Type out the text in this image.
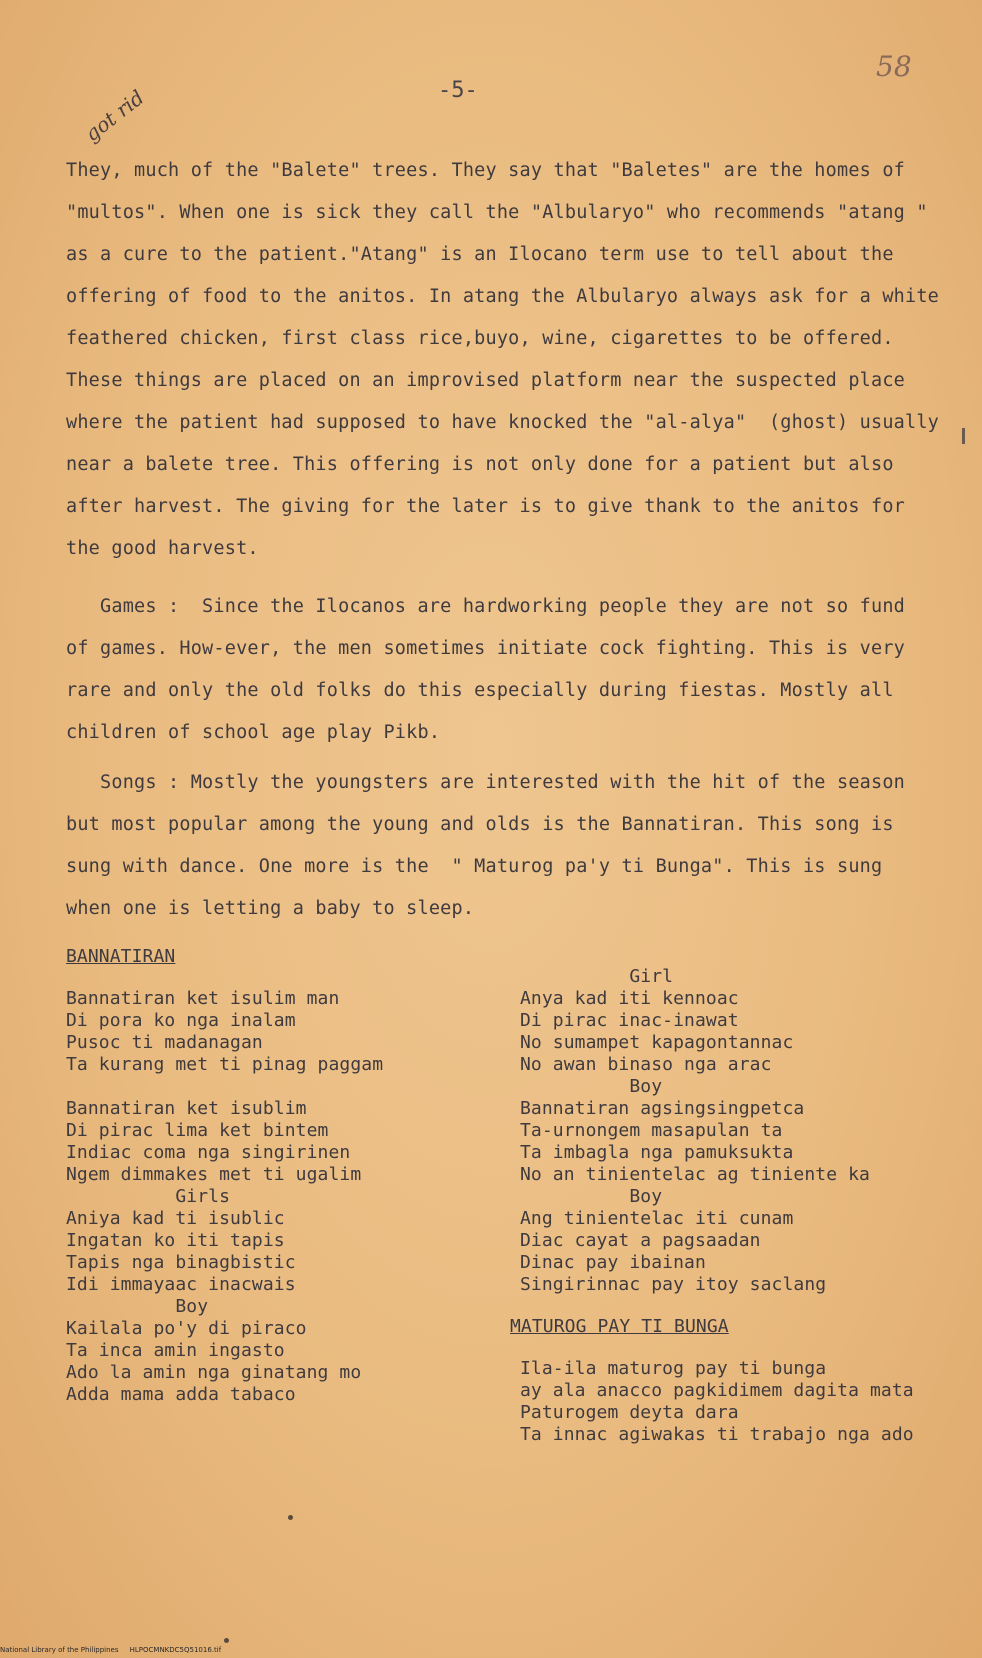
58
-5-
got rid
They, much of the "Balete" trees. They say that "Baletes" are the homes of
"multos". When one is sick they call the "Albularyo" who recommends "atang "
as a cure to the patient."Atang" is an Ilocano term use to tell about the
offering of food to the anitos. In atang the Albularyo always ask for a white
feathered chicken, first class rice,buyo, wine, cigarettes to be offered.
These things are placed on an improvised platform near the suspected place
where the patient had supposed to have knocked the "al-alya"  (ghost) usually
near a balete tree. This offering is not only done for a patient but also
after harvest. The giving for the later is to give thank to the anitos for
the good harvest.
Games :  Since the Ilocanos are hardworking people they are not so fund
of games. How-ever, the men sometimes initiate cock fighting. This is very
rare and only the old folks do this especially during fiestas. Mostly all
children of school age play Pikb.
Songs : Mostly the youngsters are interested with the hit of the season
but most popular among the young and olds is the Bannatiran. This song is
sung with dance. One more is the  " Maturog pa'y ti Bunga". This is sung
when one is letting a baby to sleep.
BANNATIRAN
Bannatiran ket isulim man
Di pora ko nga inalam
Pusoc ti madanagan
Ta kurang met ti pinag paggam
Bannatiran ket isublim
Di pirac lima ket bintem
Indiac coma nga singirinen
Ngem dimmakes met ti ugalim
Girls
Aniya kad ti isublic
Ingatan ko iti tapis
Tapis nga binagbistic
Idi immayaac inacwais
Boy
Kailala po'y di piraco
Ta inca amin ingasto
Ado la amin nga ginatang mo
Adda mama adda tabaco
Girl
Anya kad iti kennoac
Di pirac inac-inawat
No sumampet kapagontannac
No awan binaso nga arac
Boy
Bannatiran agsingsingpetca
Ta-urnongem masapulan ta
Ta imbagla nga pamuksukta
No an tinientelac ag tiniente ka
Boy
Ang tinientelac iti cunam
Diac cayat a pagsaadan
Dinac pay ibainan
Singirinnac pay itoy saclang
MATUROG PAY TI BUNGA
Ila-ila maturog pay ti bunga
ay ala anacco pagkidimem dagita mata
Paturogem deyta dara
Ta innac agiwakas ti trabajo nga ado
National Library of the Philippines     HLPOCMNKDC5Q51016.tif
